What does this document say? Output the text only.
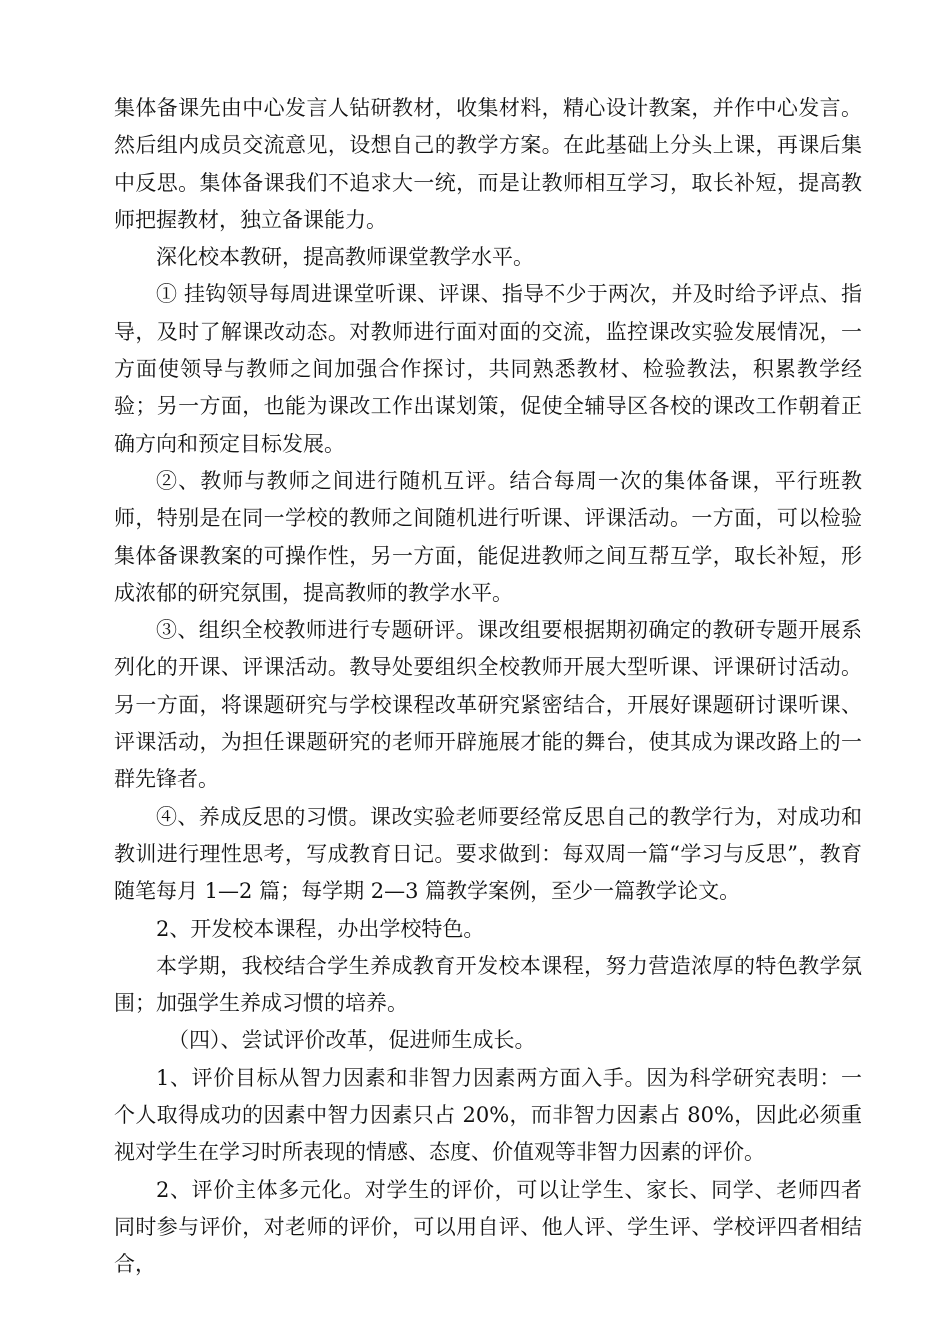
集体备课先由中心发言人钻研教材，收集材料，精心设计教案，并作中心发言。然后组内成员交流意见，设想自己的教学方案。在此基础上分头上课，再课后集中反思。集体备课我们不追求大一统，而是让教师相互学习，取长补短，提高教师把握教材，独立备课能力。

深化校本教研，提高教师课堂教学水平。

① 挂钩领导每周进课堂听课、评课、指导不少于两次，并及时给予评点、指导，及时了解课改动态。对教师进行面对面的交流，监控课改实验发展情况，一方面使领导与教师之间加强合作探讨，共同熟悉教材、检验教法，积累教学经验；另一方面，也能为课改工作出谋划策，促使全辅导区各校的课改工作朝着正确方向和预定目标发展。

②、教师与教师之间进行随机互评。结合每周一次的集体备课，平行班教师，特别是在同一学校的教师之间随机进行听课、评课活动。一方面，可以检验集体备课教案的可操作性，另一方面，能促进教师之间互帮互学，取长补短，形成浓郁的研究氛围，提高教师的教学水平。

③、组织全校教师进行专题研评。课改组要根据期初确定的教研专题开展系列化的开课、评课活动。教导处要组织全校教师开展大型听课、评课研讨活动。另一方面，将课题研究与学校课程改革研究紧密结合，开展好课题研讨课听课、评课活动，为担任课题研究的老师开辟施展才能的舞台，使其成为课改路上的一群先锋者。

④、养成反思的习惯。课改实验老师要经常反思自己的教学行为，对成功和教训进行理性思考，写成教育日记。要求做到：每双周一篇“学习与反思”，教育随笔每月 1—2 篇；每学期 2—3 篇教学案例，至少一篇教学论文。

2、开发校本课程，办出学校特色。

本学期，我校结合学生养成教育开发校本课程，努力营造浓厚的特色教学氛围；加强学生养成习惯的培养。

（四）、尝试评价改革，促进师生成长。

1、评价目标从智力因素和非智力因素两方面入手。因为科学研究表明：一个人取得成功的因素中智力因素只占 20%，而非智力因素占 80%，因此必须重视对学生在学习时所表现的情感、态度、价值观等非智力因素的评价。

2、评价主体多元化。对学生的评价，可以让学生、家长、同学、老师四者同时参与评价，对老师的评价，可以用自评、他人评、学生评、学校评四者相结合，
